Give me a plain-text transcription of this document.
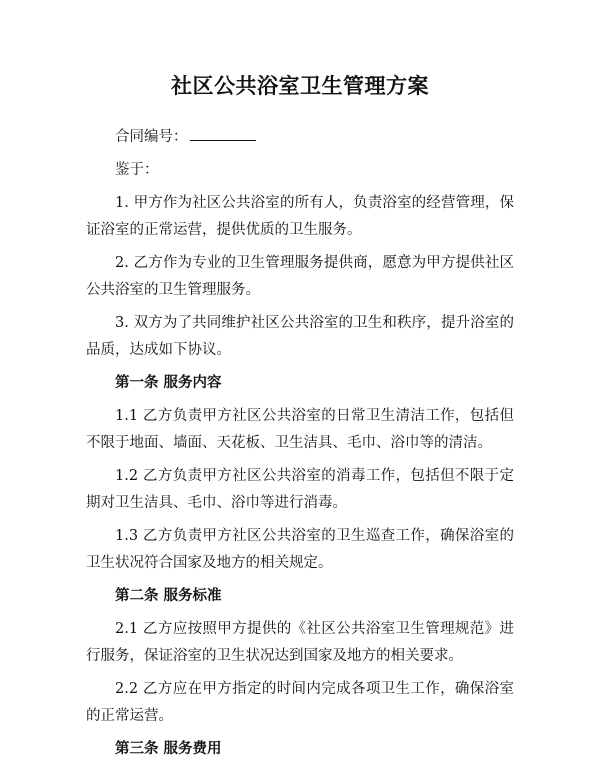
社区公共浴室卫生管理方案
合同编号：
鉴于：
1. 甲方作为社区公共浴室的所有人，负责浴室的经营管理，保证浴室的正常运营，提供优质的卫生服务。
2. 乙方作为专业的卫生管理服务提供商，愿意为甲方提供社区公共浴室的卫生管理服务。
3. 双方为了共同维护社区公共浴室的卫生和秩序，提升浴室的品质，达成如下协议。
第一条 服务内容
1.1 乙方负责甲方社区公共浴室的日常卫生清洁工作，包括但不限于地面、墙面、天花板、卫生洁具、毛巾、浴巾等的清洁。
1.2 乙方负责甲方社区公共浴室的消毒工作，包括但不限于定期对卫生洁具、毛巾、浴巾等进行消毒。
1.3 乙方负责甲方社区公共浴室的卫生巡查工作，确保浴室的卫生状况符合国家及地方的相关规定。
第二条 服务标准
2.1 乙方应按照甲方提供的《社区公共浴室卫生管理规范》进行服务，保证浴室的卫生状况达到国家及地方的相关要求。
2.2 乙方应在甲方指定的时间内完成各项卫生工作，确保浴室的正常运营。
第三条 服务费用
